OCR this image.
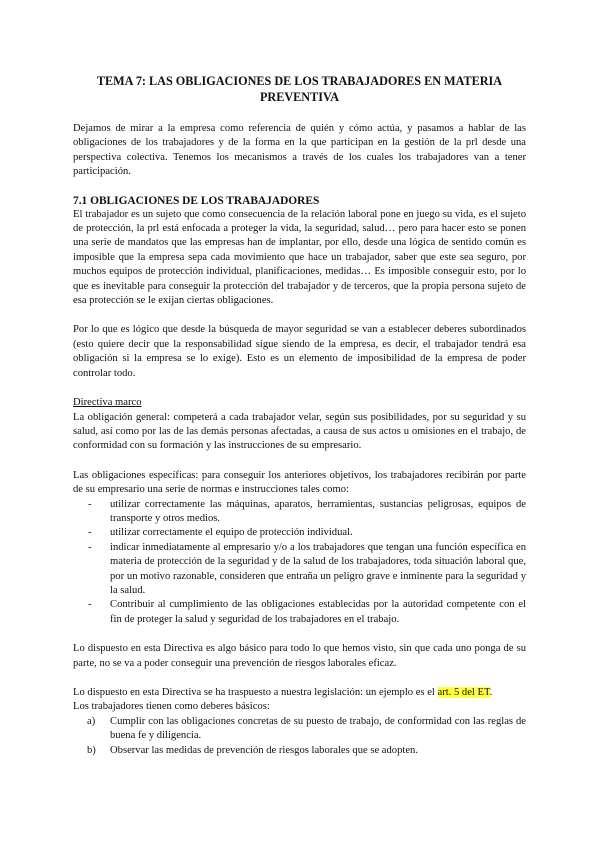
TEMA 7: LAS OBLIGACIONES DE LOS TRABAJADORES EN MATERIA PREVENTIVA

Dejamos de mirar a la empresa como referencia de quién y cómo actúa, y pasamos a hablar de las obligaciones de los trabajadores y de la forma en la que participan en la gestión de la prl desde una perspectiva colectiva. Tenemos los mecanismos a través de los cuales los trabajadores van a tener participación.

7.1 OBLIGACIONES DE LOS TRABAJADORES

El trabajador es un sujeto que como consecuencia de la relación laboral pone en juego su vida, es el sujeto de protección, la prl está enfocada a proteger la vida, la seguridad, salud… pero para hacer esto se ponen una serie de mandatos que las empresas han de implantar, por ello, desde una lógica de sentido común es imposible que la empresa sepa cada movimiento que hace un trabajador, saber que este sea seguro, por muchos equipos de protección individual, planificaciones, medidas… Es imposible conseguir esto, por lo que es inevitable para conseguir la protección del trabajador y de terceros, que la propia persona sujeto de esa protección se le exijan ciertas obligaciones.

Por lo que es lógico que desde la búsqueda de mayor seguridad se van a establecer deberes subordinados (esto quiere decir que la responsabilidad sigue siendo de la empresa, es decir, el trabajador tendrá esa obligación si la empresa se lo exige). Esto es un elemento de imposibilidad de la empresa de poder controlar todo.

Directiva marco

La obligación general: competerá a cada trabajador velar, según sus posibilidades, por su seguridad y su salud, así como por las de las demás personas afectadas, a causa de sus actos u omisiones en el trabajo, de conformidad con su formación y las instrucciones de su empresario.

Las obligaciones específicas: para conseguir los anteriores objetivos, los trabajadores recibirán por parte de su empresario una serie de normas e instrucciones tales como:

- utilizar correctamente las máquinas, aparatos, herramientas, sustancias peligrosas, equipos de transporte y otros medios.
- utilizar correctamente el equipo de protección individual.
- indicar inmediatamente al empresario y/o a los trabajadores que tengan una función específica en materia de protección de la seguridad y de la salud de los trabajadores, toda situación laboral que, por un motivo razonable, consideren que entraña un peligro grave e inminente para la seguridad y la salud.
- Contribuir al cumplimiento de las obligaciones establecidas por la autoridad competente con el fin de proteger la salud y seguridad de los trabajadores en el trabajo.

Lo dispuesto en esta Directiva es algo básico para todo lo que hemos visto, sin que cada uno ponga de su parte, no se va a poder conseguir una prevención de riesgos laborales eficaz.

Lo dispuesto en esta Directiva se ha traspuesto a nuestra legislación: un ejemplo es el art. 5 del ET.

Los trabajadores tienen como deberes básicos:

a) Cumplir con las obligaciones concretas de su puesto de trabajo, de conformidad con las reglas de buena fe y diligencia.
b) Observar las medidas de prevención de riesgos laborales que se adopten.
